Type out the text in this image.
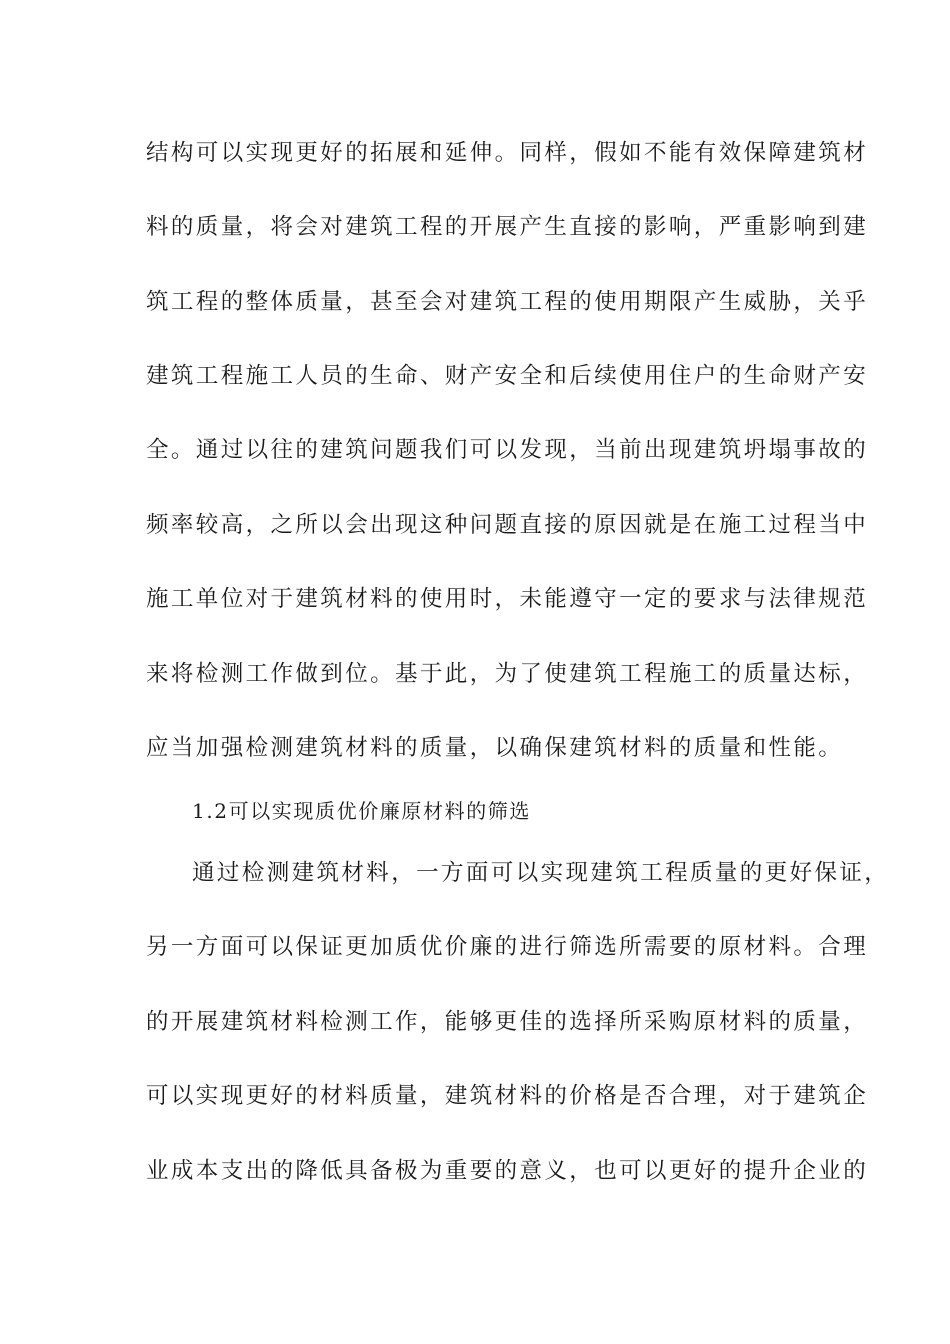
结构可以实现更好的拓展和延伸。同样，假如不能有效保障建筑材
料的质量，将会对建筑工程的开展产生直接的影响，严重影响到建
筑工程的整体质量，甚至会对建筑工程的使用期限产生威胁，关乎
建筑工程施工人员的生命、财产安全和后续使用住户的生命财产安
全。通过以往的建筑问题我们可以发现，当前出现建筑坍塌事故的
频率较高，之所以会出现这种问题直接的原因就是在施工过程当中
施工单位对于建筑材料的使用时，未能遵守一定的要求与法律规范
来将检测工作做到位。基于此，为了使建筑工程施工的质量达标，
应当加强检测建筑材料的质量，以确保建筑材料的质量和性能。
1.2可以实现质优价廉原材料的筛选
通过检测建筑材料，一方面可以实现建筑工程质量的更好保证，
另一方面可以保证更加质优价廉的进行筛选所需要的原材料。合理
的开展建筑材料检测工作，能够更佳的选择所采购原材料的质量，
可以实现更好的材料质量，建筑材料的价格是否合理，对于建筑企
业成本支出的降低具备极为重要的意义，也可以更好的提升企业的
